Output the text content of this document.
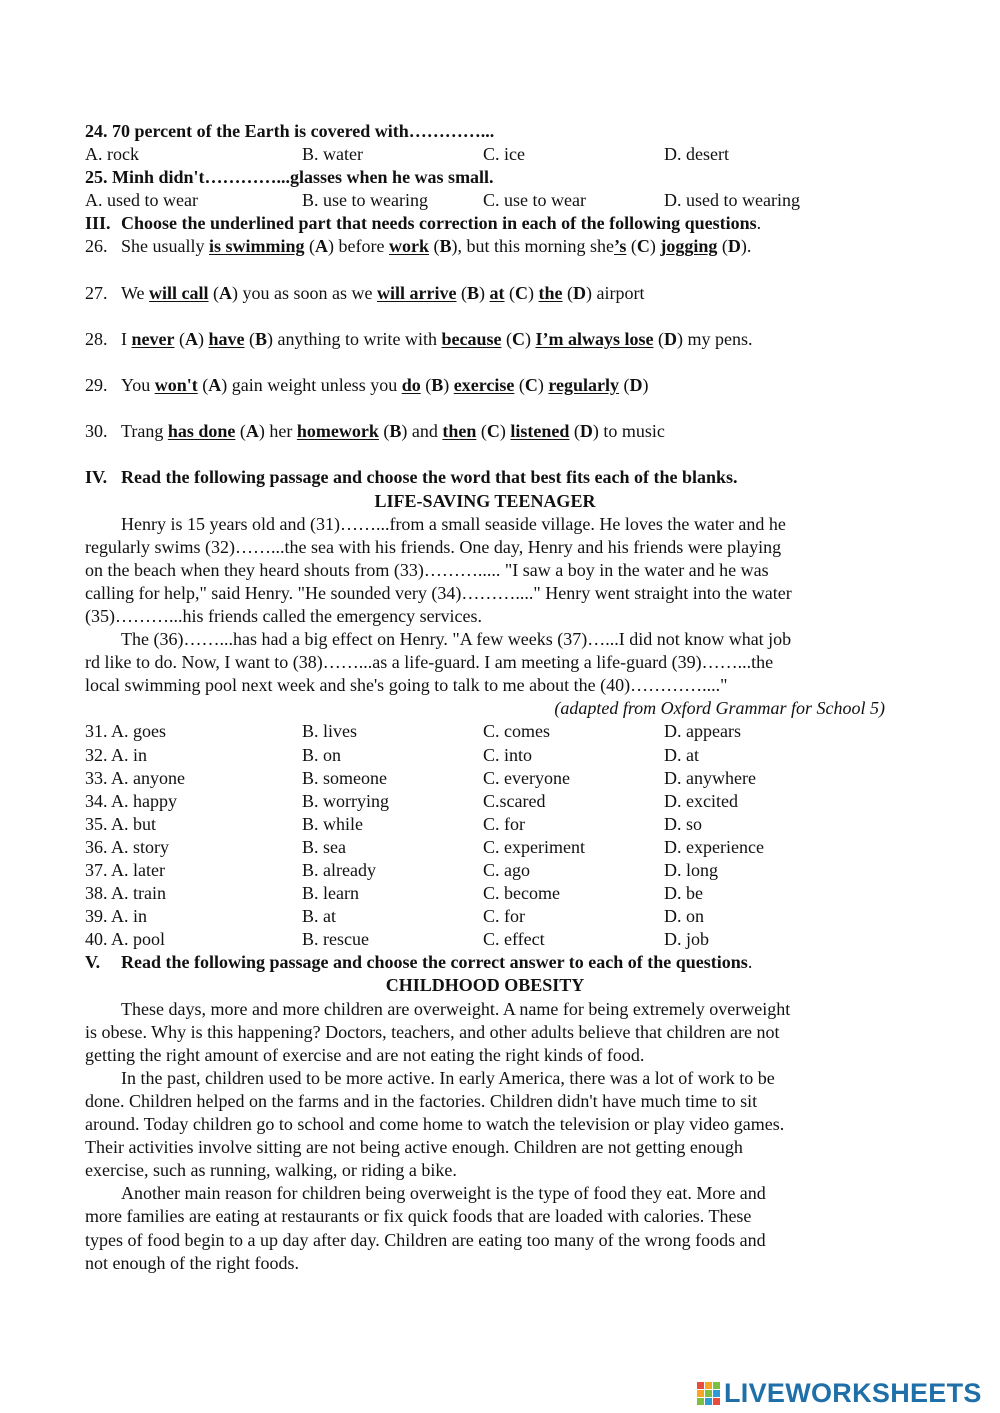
24. 70 percent of the Earth is covered with…………...
A. rock	B. water	C. ice	D. desert
25. Minh didn't…………...glasses when he was small.
A. used to wear	B. use to wearing	C. use to wear	D. used to wearing
III. Choose the underlined part that needs correction in each of the following questions.
26. She usually is swimming (A) before work (B), but this morning she’s (C) jogging (D).
27. We will call (A) you as soon as we will arrive (B) at (C) the (D) airport
28. I never (A) have (B) anything to write with because (C) I’m always lose (D) my pens.
29. You won't (A) gain weight unless you do (B) exercise (C) regularly (D)
30. Trang has done (A) her homework (B) and then (C) listened (D) to music
IV. Read the following passage and choose the word that best fits each of the blanks.
LIFE-SAVING TEENAGER
Henry is 15 years old and (31)……...from a small seaside village. He loves the water and he
regularly swims (32)……...the sea with his friends. One day, Henry and his friends were playing
on the beach when they heard shouts from (33)………..... "I saw a boy in the water and he was
calling for help," said Henry. "He sounded very (34)………...." Henry went straight into the water
(35)………...his friends called the emergency services.
The (36)……...has had a big effect on Henry. "A few weeks (37)…...I did not know what job
rd like to do. Now, I want to (38)……...as a life-guard. I am meeting a life-guard (39)……...the
local swimming pool next week and she's going to talk to me about the (40)…………...."
(adapted from Oxford Grammar for School 5)
31. A. goes	B. lives	C. comes	D. appears
32. A. in	B. on	C. into	D. at
33. A. anyone	B. someone	C. everyone	D. anywhere
34. A. happy	B. worrying	C.scared	D. excited
35. A. but	B. while	C. for	D. so
36. A. story	B. sea	C. experiment	D. experience
37. A. later	B. already	C. ago	D. long
38. A. train	B. learn	C. become	D. be
39. A. in	B. at	C. for	D. on
40. A. pool	B. rescue	C. effect	D. job
V. Read the following passage and choose the correct answer to each of the questions.
CHILDHOOD OBESITY
These days, more and more children are overweight. A name for being extremely overweight
is obese. Why is this happening? Doctors, teachers, and other adults believe that children are not
getting the right amount of exercise and are not eating the right kinds of food.
In the past, children used to be more active. In early America, there was a lot of work to be
done. Children helped on the farms and in the factories. Children didn't have much time to sit
around. Today children go to school and come home to watch the television or play video games.
Their activities involve sitting are not being active enough. Children are not getting enough
exercise, such as running, walking, or riding a bike.
Another main reason for children being overweight is the type of food they eat. More and
more families are eating at restaurants or fix quick foods that are loaded with calories. These
types of food begin to a up day after day. Children are eating too many of the wrong foods and
not enough of the right foods.
LIVEWORKSHEETS
